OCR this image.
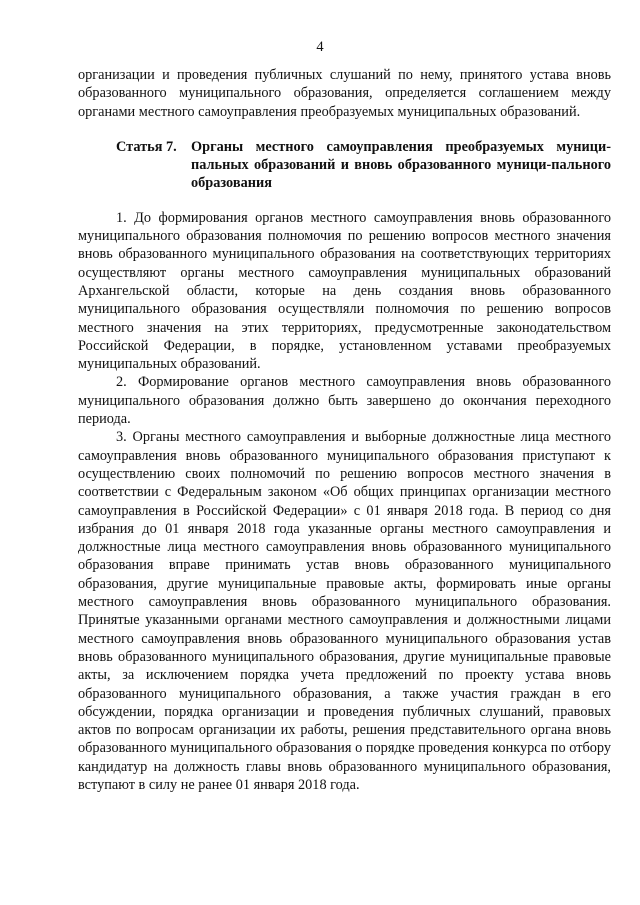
4

организации и проведения публичных слушаний по нему, принятого устава вновь образованного муниципального образования, определяется соглашением между органами местного самоуправления преобразуемых муниципальных образований.

Статья 7. Органы местного самоуправления преобразуемых муници-пальных образований и вновь образованного муници-пального образования

1. До формирования органов местного самоуправления вновь образованного муниципального образования полномочия по решению вопросов местного значения вновь образованного муниципального образования на соответствующих территориях осуществляют органы местного самоуправления муниципальных образований Архангельской области, которые на день создания вновь образованного муниципального образования осуществляли полномочия по решению вопросов местного значения на этих территориях, предусмотренные законодательством Российской Федерации, в порядке, установленном уставами преобразуемых муниципальных образований.

2. Формирование органов местного самоуправления вновь образованного муниципального образования должно быть завершено до окончания переходного периода.

3. Органы местного самоуправления и выборные должностные лица местного самоуправления вновь образованного муниципального образования приступают к осуществлению своих полномочий по решению вопросов местного значения в соответствии с Федеральным законом «Об общих принципах организации местного самоуправления в Российской Федерации» с 01 января 2018 года. В период со дня избрания до 01 января 2018 года указанные органы местного самоуправления и должностные лица местного самоуправления вновь образованного муниципального образования вправе принимать устав вновь образованного муниципального образования, другие муниципальные правовые акты, формировать иные органы местного самоуправления вновь образованного муниципального образования. Принятые указанными органами местного самоуправления и должностными лицами местного самоуправления вновь образованного муниципального образования устав вновь образованного муниципального образования, другие муниципальные правовые акты, за исключением порядка учета предложений по проекту устава вновь образованного муниципального образования, а также участия граждан в его обсуждении, порядка организации и проведения публичных слушаний, правовых актов по вопросам организации их работы, решения представительного органа вновь образованного муниципального образования о порядке проведения конкурса по отбору кандидатур на должность главы вновь образованного муниципального образования, вступают в силу не ранее 01 января 2018 года.
